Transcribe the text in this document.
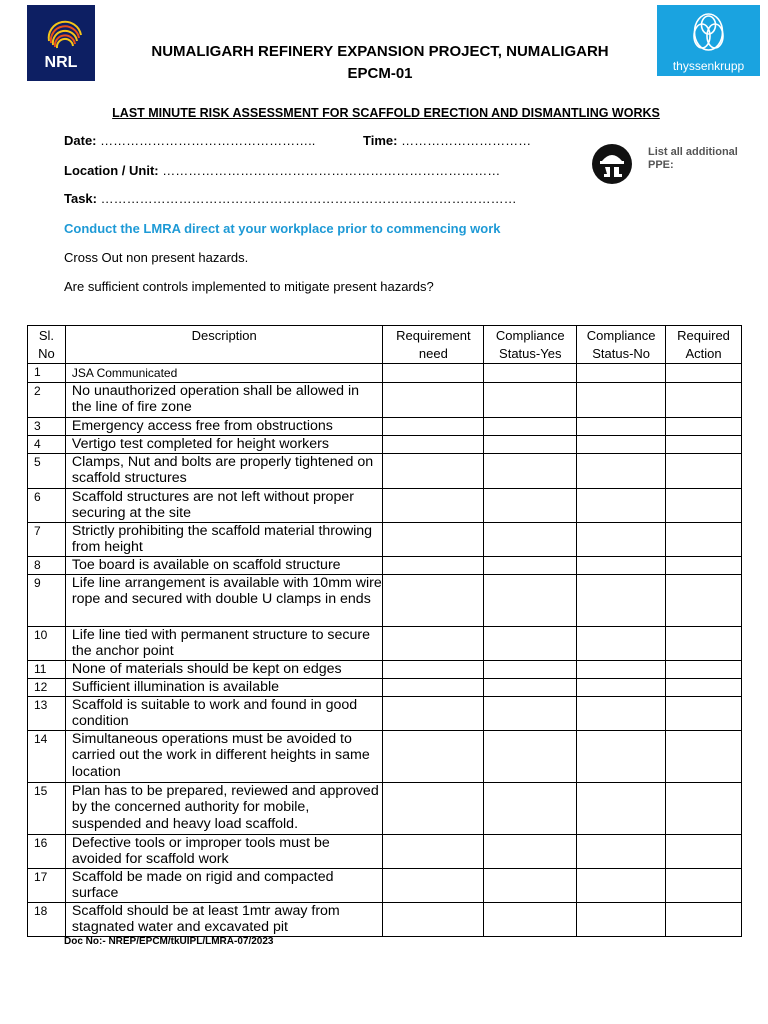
NRL	thyssenkrupp
NUMALIGARH REFINERY EXPANSION PROJECT, NUMALIGARH
EPCM-01
LAST MINUTE RISK ASSESSMENT FOR SCAFFOLD ERECTION AND DISMANTLING WORKS
Date: …………………………………………..	Time: …………………………
Location / Unit: ……………………………………………………………………
Task: ……………………………………………………………………………………
List all additional PPE:
Conduct the LMRA direct at your workplace prior to commencing work
Cross Out non present hazards.
Are sufficient controls implemented to mitigate present hazards?
Sl. No	Description	Requirement need	Compliance Status-Yes	Compliance Status-No	Required Action
1	JSA Communicated				
2	No unauthorized operation shall be allowed in the line of fire zone				
3	Emergency access free from obstructions				
4	Vertigo test completed for height workers				
5	Clamps, Nut and bolts are properly tightened on scaffold structures				
6	Scaffold structures are not left without proper securing at the site				
7	Strictly prohibiting the scaffold material throwing from height				
8	Toe board is available on scaffold structure				
9	Life line arrangement is available with 10mm wire rope and secured with double U clamps in ends				
10	Life line tied with permanent structure to secure the anchor point				
11	None of materials should be kept on edges				
12	Sufficient illumination is available				
13	Scaffold is suitable to work and found in good condition				
14	Simultaneous operations must be avoided to carried out the work in different heights in same location				
15	Plan has to be prepared, reviewed and approved by the concerned authority for mobile, suspended and heavy load scaffold.				
16	Defective tools or improper tools must be avoided for scaffold work				
17	Scaffold be made on rigid and compacted surface				
18	Scaffold should be at least 1mtr away from stagnated water and excavated pit				
Doc No:- NREP/EPCM/tkUIPL/LMRA-07/2023
